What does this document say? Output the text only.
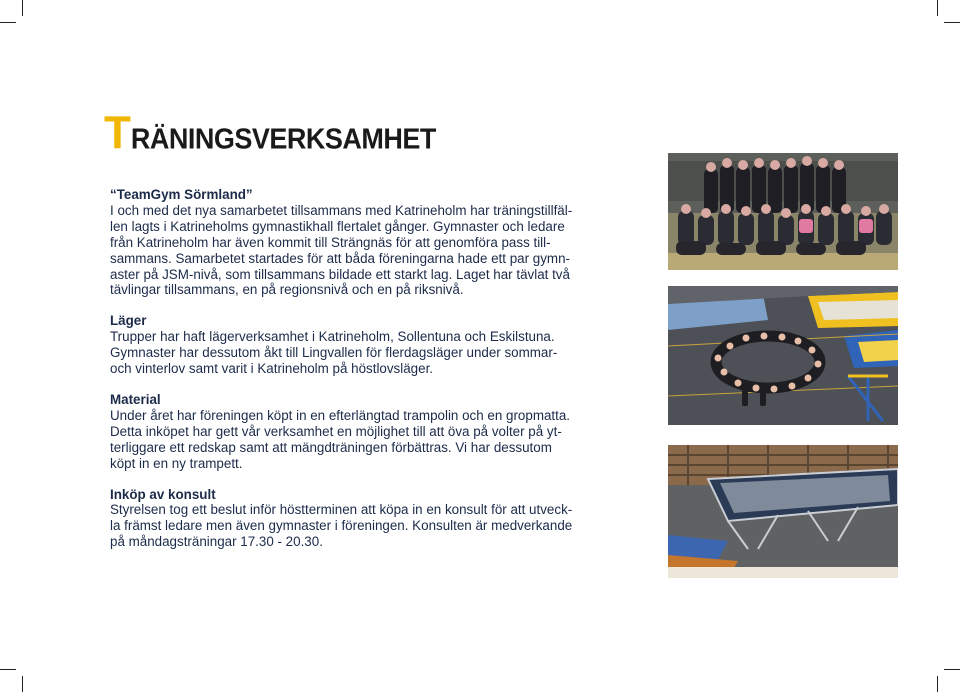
TRÄNINGSVERKSAMHET
“TeamGym Sörmland”
I och med det nya samarbetet tillsammans med Katrineholm har träningstillfäl-
len lagts i Katrineholms gymnastikhall flertalet gånger. Gymnaster och ledare
från Katrineholm har även kommit till Strängnäs för att genomföra pass till-
sammans. Samarbetet startades för att båda föreningarna hade ett par gymn-
aster på JSM-nivå, som tillsammans bildade ett starkt lag. Laget har tävlat två
tävlingar tillsammans, en på regionsnivå och en på riksnivå.
Läger
Trupper har haft lägerverksamhet i Katrineholm, Sollentuna och Eskilstuna.
Gymnaster har dessutom åkt till Lingvallen för flerdagsläger under sommar-
och vinterlov samt varit i Katrineholm på höstlovsläger.
Material
Under året har föreningen köpt in en efterlängtad trampolin och en gropmatta.
Detta inköpet har gett vår verksamhet en möjlighet till att öva på volter på yt-
terliggare ett redskap samt att mängdträningen förbättras. Vi har dessutom
köpt in en ny trampett.
Inköp av konsult
Styrelsen tog ett beslut inför höstterminen att köpa in en konsult för att utveck-
la främst ledare men även gymnaster i föreningen. Konsulten är medverkande
på måndagsträningar 17.30 - 20.30.
